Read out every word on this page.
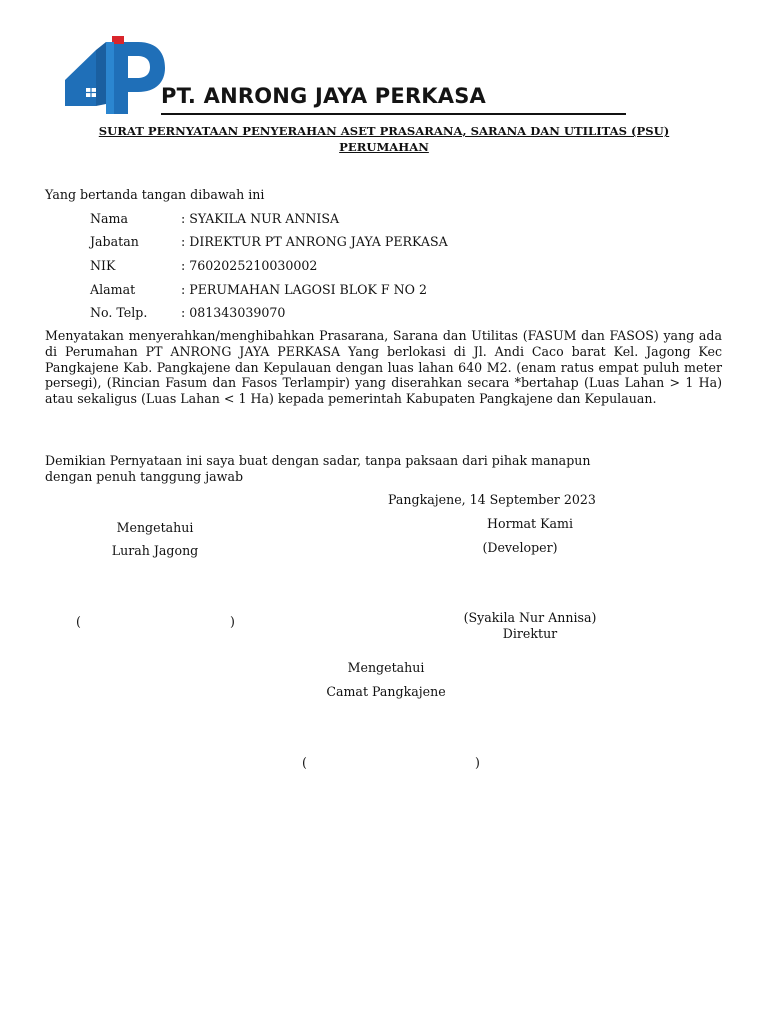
PT. ANRONG JAYA PERKASA
SURAT PERNYATAAN PENYERAHAN ASET PRASARANA, SARANA DAN UTILITAS (PSU)
PERUMAHAN
Yang bertanda tangan dibawah ini
Nama	: SYAKILA NUR ANNISA
Jabatan	: DIREKTUR PT ANRONG JAYA PERKASA
NIK	: 7602025210030002
Alamat	: PERUMAHAN LAGOSI BLOK F NO 2
No. Telp.	: 081343039070

Menyatakan menyerahkan/menghibahkan Prasarana, Sarana dan Utilitas (FASUM dan FASOS) yang ada di Perumahan PT ANRONG JAYA PERKASA Yang berlokasi di Jl. Andi Caco barat Kel. Jagong Kec Pangkajene Kab. Pangkajene dan Kepulauan dengan luas lahan 640 M2. (enam ratus empat puluh meter persegi), (Rincian Fasum dan Fasos Terlampir) yang diserahkan secara *bertahap (Luas Lahan > 1 Ha) atau sekaligus (Luas Lahan < 1 Ha) kepada pemerintah Kabupaten Pangkajene dan Kepulauan.

Demikian Pernyataan ini saya buat dengan sadar, tanpa paksaan dari pihak manapun
dengan penuh tanggung jawab
Pangkajene, 14 September 2023
Mengetahui
Lurah Jagong
(	)
Hormat Kami
(Developer)
(Syakila Nur Annisa)
Direktur
Mengetahui
Camat Pangkajene
(	)
